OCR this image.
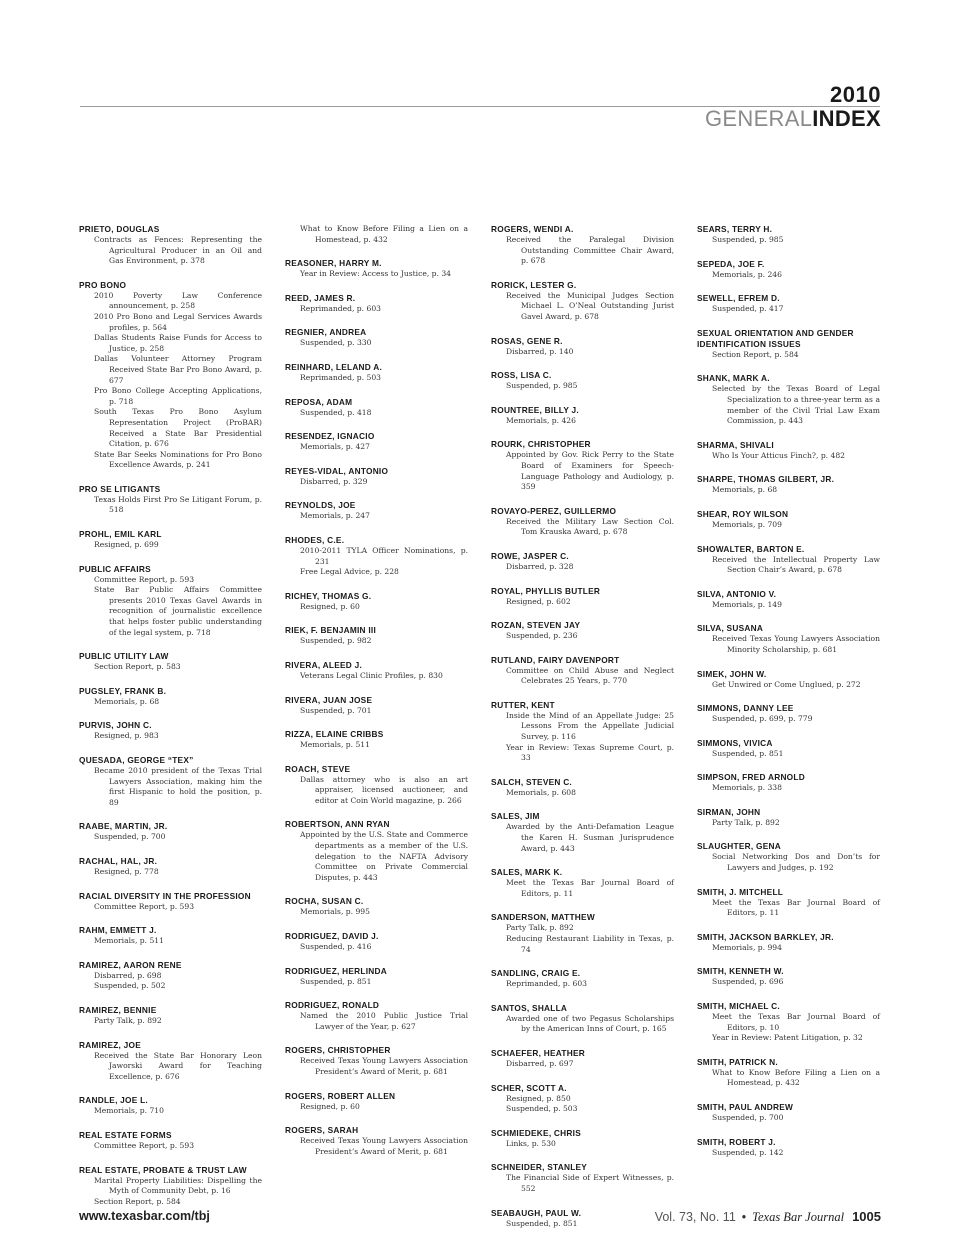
2010
GENERALINDEX
PRIETO, DOUGLAS
Contracts as Fences: Representing the Agricultural Producer in an Oil and Gas Environment, p. 378
PRO BONO
2010 Poverty Law Conference announcement, p. 258
2010 Pro Bono and Legal Services Awards profiles, p. 564
Dallas Students Raise Funds for Access to Justice, p. 258
Dallas Volunteer Attorney Program Received State Bar Pro Bono Award, p. 677
Pro Bono College Accepting Applications, p. 718
South Texas Pro Bono Asylum Representation Project (ProBAR) Received a State Bar Presidential Citation, p. 676
State Bar Seeks Nominations for Pro Bono Excellence Awards, p. 241
PRO SE LITIGANTS
Texas Holds First Pro Se Litigant Forum, p. 518
PROHL, EMIL KARL
Resigned, p. 699
PUBLIC AFFAIRS
Committee Report, p. 593
State Bar Public Affairs Committee presents 2010 Texas Gavel Awards in recognition of journalistic excellence that helps foster public understanding of the legal system, p. 718
PUBLIC UTILITY LAW
Section Report, p. 583
PUGSLEY, FRANK B.
Memorials, p. 68
PURVIS, JOHN C.
Resigned, p. 983
QUESADA, GEORGE “TEX”
Became 2010 president of the Texas Trial Lawyers Association, making him the first Hispanic to hold the position, p. 89
RAABE, MARTIN, JR.
Suspended, p. 700
RACHAL, HAL, JR.
Resigned, p. 778
RACIAL DIVERSITY IN THE PROFESSION
Committee Report, p. 593
RAHM, EMMETT J.
Memorials, p. 511
RAMIREZ, AARON RENE
Disbarred, p. 698
Suspended, p. 502
RAMIREZ, BENNIE
Party Talk, p. 892
RAMIREZ, JOE
Received the State Bar Honorary Leon Jaworski Award for Teaching Excellence, p. 676
RANDLE, JOE L.
Memorials, p. 710
REAL ESTATE FORMS
Committee Report, p. 593
REAL ESTATE, PROBATE & TRUST LAW
Marital Property Liabilities: Dispelling the Myth of Community Debt, p. 16
Section Report, p. 584
What to Know Before Filing a Lien on a Homestead, p. 432
REASONER, HARRY M.
Year in Review: Access to Justice, p. 34
REED, JAMES R.
Reprimanded, p. 603
REGNIER, ANDREA
Suspended, p. 330
REINHARD, LELAND A.
Reprimanded, p. 503
REPOSA, ADAM
Suspended, p. 418
RESENDEZ, IGNACIO
Memorials, p. 427
REYES-VIDAL, ANTONIO
Disbarred, p. 329
REYNOLDS, JOE
Memorials, p. 247
RHODES, C.E.
2010-2011 TYLA Officer Nominations, p. 231
Free Legal Advice, p. 228
RICHEY, THOMAS G.
Resigned, p. 60
RIEK, F. BENJAMIN III
Suspended, p. 982
RIVERA, ALEED J.
Veterans Legal Clinic Profiles, p. 830
RIVERA, JUAN JOSE
Suspended, p. 701
RIZZA, ELAINE CRIBBS
Memorials, p. 511
ROACH, STEVE
Dallas attorney who is also an art appraiser, licensed auctioneer, and editor at Coin World magazine, p. 266
ROBERTSON, ANN RYAN
Appointed by the U.S. State and Commerce departments as a member of the U.S. delegation to the NAFTA Advisory Committee on Private Commercial Disputes, p. 443
ROCHA, SUSAN C.
Memorials, p. 995
RODRIGUEZ, DAVID J.
Suspended, p. 416
RODRIGUEZ, HERLINDA
Suspended, p. 851
RODRIGUEZ, RONALD
Named the 2010 Public Justice Trial Lawyer of the Year, p. 627
ROGERS, CHRISTOPHER
Received Texas Young Lawyers Association President’s Award of Merit, p. 681
ROGERS, ROBERT ALLEN
Resigned, p. 60
ROGERS, SARAH
Received Texas Young Lawyers Association President’s Award of Merit, p. 681
ROGERS, WENDI A.
Received the Paralegal Division Outstanding Committee Chair Award, p. 678
RORICK, LESTER G.
Received the Municipal Judges Section Michael L. O’Neal Outstanding Jurist Gavel Award, p. 678
ROSAS, GENE R.
Disbarred, p. 140
ROSS, LISA C.
Suspended, p. 985
ROUNTREE, BILLY J.
Memorials, p. 426
ROURK, CHRISTOPHER
Appointed by Gov. Rick Perry to the State Board of Examiners for Speech-Language Pathology and Audiology, p. 359
ROVAYO-PEREZ, GUILLERMO
Received the Military Law Section Col. Tom Krauska Award, p. 678
ROWE, JASPER C.
Disbarred, p. 328
ROYAL, PHYLLIS BUTLER
Resigned, p. 602
ROZAN, STEVEN JAY
Suspended, p. 236
RUTLAND, FAIRY DAVENPORT
Committee on Child Abuse and Neglect Celebrates 25 Years, p. 770
RUTTER, KENT
Inside the Mind of an Appellate Judge: 25 Lessons From the Appellate Judicial Survey, p. 116
Year in Review: Texas Supreme Court, p. 33
SALCH, STEVEN C.
Memorials, p. 608
SALES, JIM
Awarded by the Anti-Defamation League the Karen H. Susman Jurisprudence Award, p. 443
SALES, MARK K.
Meet the Texas Bar Journal Board of Editors, p. 11
SANDERSON, MATTHEW
Party Talk, p. 892
Reducing Restaurant Liability in Texas, p. 74
SANDLING, CRAIG E.
Reprimanded, p. 603
SANTOS, SHALLA
Awarded one of two Pegasus Scholarships by the American Inns of Court, p. 165
SCHAEFER, HEATHER
Disbarred, p. 697
SCHER, SCOTT A.
Resigned, p. 850
Suspended, p. 503
SCHMIEDEKE, CHRIS
Links, p. 530
SCHNEIDER, STANLEY
The Financial Side of Expert Witnesses, p. 552
SEABAUGH, PAUL W.
Suspended, p. 851
SEARS, TERRY H.
Suspended, p. 985
SEPEDA, JOE F.
Memorials, p. 246
SEWELL, EFREM D.
Suspended, p. 417
SEXUAL ORIENTATION AND GENDER IDENTIFICATION ISSUES
Section Report, p. 584
SHANK, MARK A.
Selected by the Texas Board of Legal Specialization to a three-year term as a member of the Civil Trial Law Exam Commission, p. 443
SHARMA, SHIVALI
Who Is Your Atticus Finch?, p. 482
SHARPE, THOMAS GILBERT, JR.
Memorials, p. 68
SHEAR, ROY WILSON
Memorials, p. 709
SHOWALTER, BARTON E.
Received the Intellectual Property Law Section Chair’s Award, p. 678
SILVA, ANTONIO V.
Memorials, p. 149
SILVA, SUSANA
Received Texas Young Lawyers Association Minority Scholarship, p. 681
SIMEK, JOHN W.
Get Unwired or Come Unglued, p. 272
SIMMONS, DANNY LEE
Suspended, p. 699, p. 779
SIMMONS, VIVICA
Suspended, p. 851
SIMPSON, FRED ARNOLD
Memorials, p. 338
SIRMAN, JOHN
Party Talk, p. 892
SLAUGHTER, GENA
Social Networking Dos and Don’ts for Lawyers and Judges, p. 192
SMITH, J. MITCHELL
Meet the Texas Bar Journal Board of Editors, p. 11
SMITH, JACKSON BARKLEY, JR.
Memorials, p. 994
SMITH, KENNETH W.
Suspended, p. 696
SMITH, MICHAEL C.
Meet the Texas Bar Journal Board of Editors, p. 10
Year in Review: Patent Litigation, p. 32
SMITH, PATRICK N.
What to Know Before Filing a Lien on a Homestead, p. 432
SMITH, PAUL ANDREW
Suspended, p. 700
SMITH, ROBERT J.
Suspended, p. 142
www.texasbar.com/tbj	Vol. 73, No. 11 • Texas Bar Journal 1005
